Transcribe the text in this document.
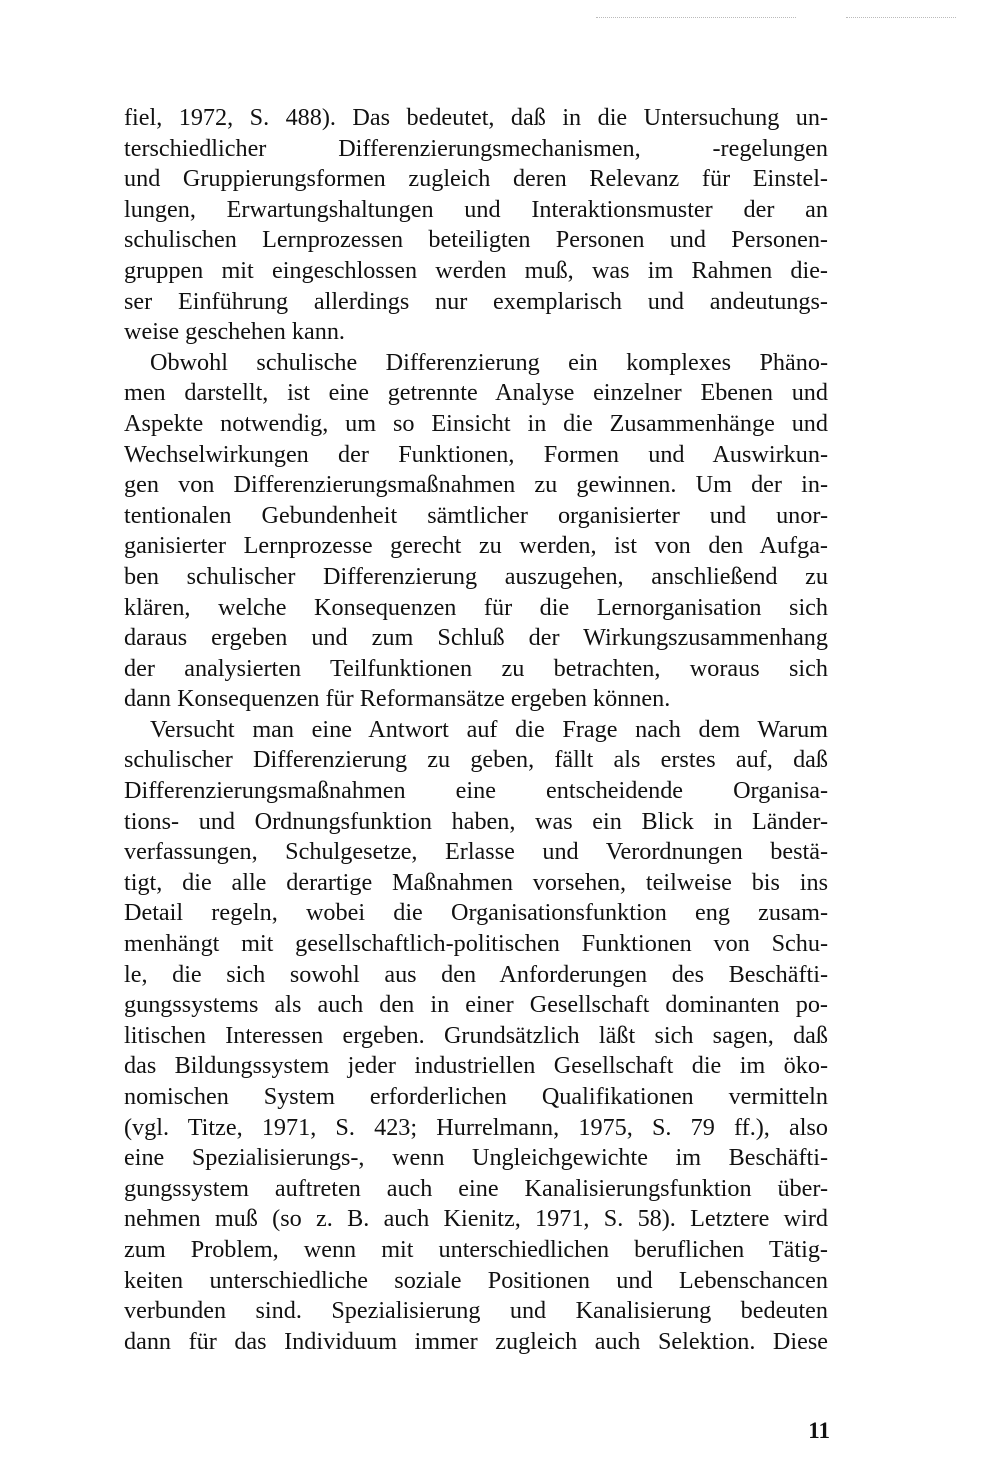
fiel, 1972, S. 488). Das bedeutet, daß in die Untersuchung un-
terschiedlicher Differenzierungsmechanismen, -regelungen
und Gruppierungsformen zugleich deren Relevanz für Einstel-
lungen, Erwartungshaltungen und Interaktionsmuster der an
schulischen Lernprozessen beteiligten Personen und Personen-
gruppen mit eingeschlossen werden muß, was im Rahmen die-
ser Einführung allerdings nur exemplarisch und andeutungs-
weise geschehen kann.
Obwohl schulische Differenzierung ein komplexes Phäno-
men darstellt, ist eine getrennte Analyse einzelner Ebenen und
Aspekte notwendig, um so Einsicht in die Zusammenhänge und
Wechselwirkungen der Funktionen, Formen und Auswirkun-
gen von Differenzierungsmaßnahmen zu gewinnen. Um der in-
tentionalen Gebundenheit sämtlicher organisierter und unor-
ganisierter Lernprozesse gerecht zu werden, ist von den Aufga-
ben schulischer Differenzierung auszugehen, anschließend zu
klären, welche Konsequenzen für die Lernorganisation sich
daraus ergeben und zum Schluß der Wirkungszusammenhang
der analysierten Teilfunktionen zu betrachten, woraus sich
dann Konsequenzen für Reformansätze ergeben können.
Versucht man eine Antwort auf die Frage nach dem Warum
schulischer Differenzierung zu geben, fällt als erstes auf, daß
Differenzierungsmaßnahmen eine entscheidende Organisa-
tions- und Ordnungsfunktion haben, was ein Blick in Länder-
verfassungen, Schulgesetze, Erlasse und Verordnungen bestä-
tigt, die alle derartige Maßnahmen vorsehen, teilweise bis ins
Detail regeln, wobei die Organisationsfunktion eng zusam-
menhängt mit gesellschaftlich-politischen Funktionen von Schu-
le, die sich sowohl aus den Anforderungen des Beschäfti-
gungssystems als auch den in einer Gesellschaft dominanten po-
litischen Interessen ergeben. Grundsätzlich läßt sich sagen, daß
das Bildungssystem jeder industriellen Gesellschaft die im öko-
nomischen System erforderlichen Qualifikationen vermitteln
(vgl. Titze, 1971, S. 423; Hurrelmann, 1975, S. 79 ff.), also
eine Spezialisierungs-, wenn Ungleichgewichte im Beschäfti-
gungssystem auftreten auch eine Kanalisierungsfunktion über-
nehmen muß (so z. B. auch Kienitz, 1971, S. 58). Letztere wird
zum Problem, wenn mit unterschiedlichen beruflichen Tätig-
keiten unterschiedliche soziale Positionen und Lebenschancen
verbunden sind. Spezialisierung und Kanalisierung bedeuten
dann für das Individuum immer zugleich auch Selektion. Diese
11
